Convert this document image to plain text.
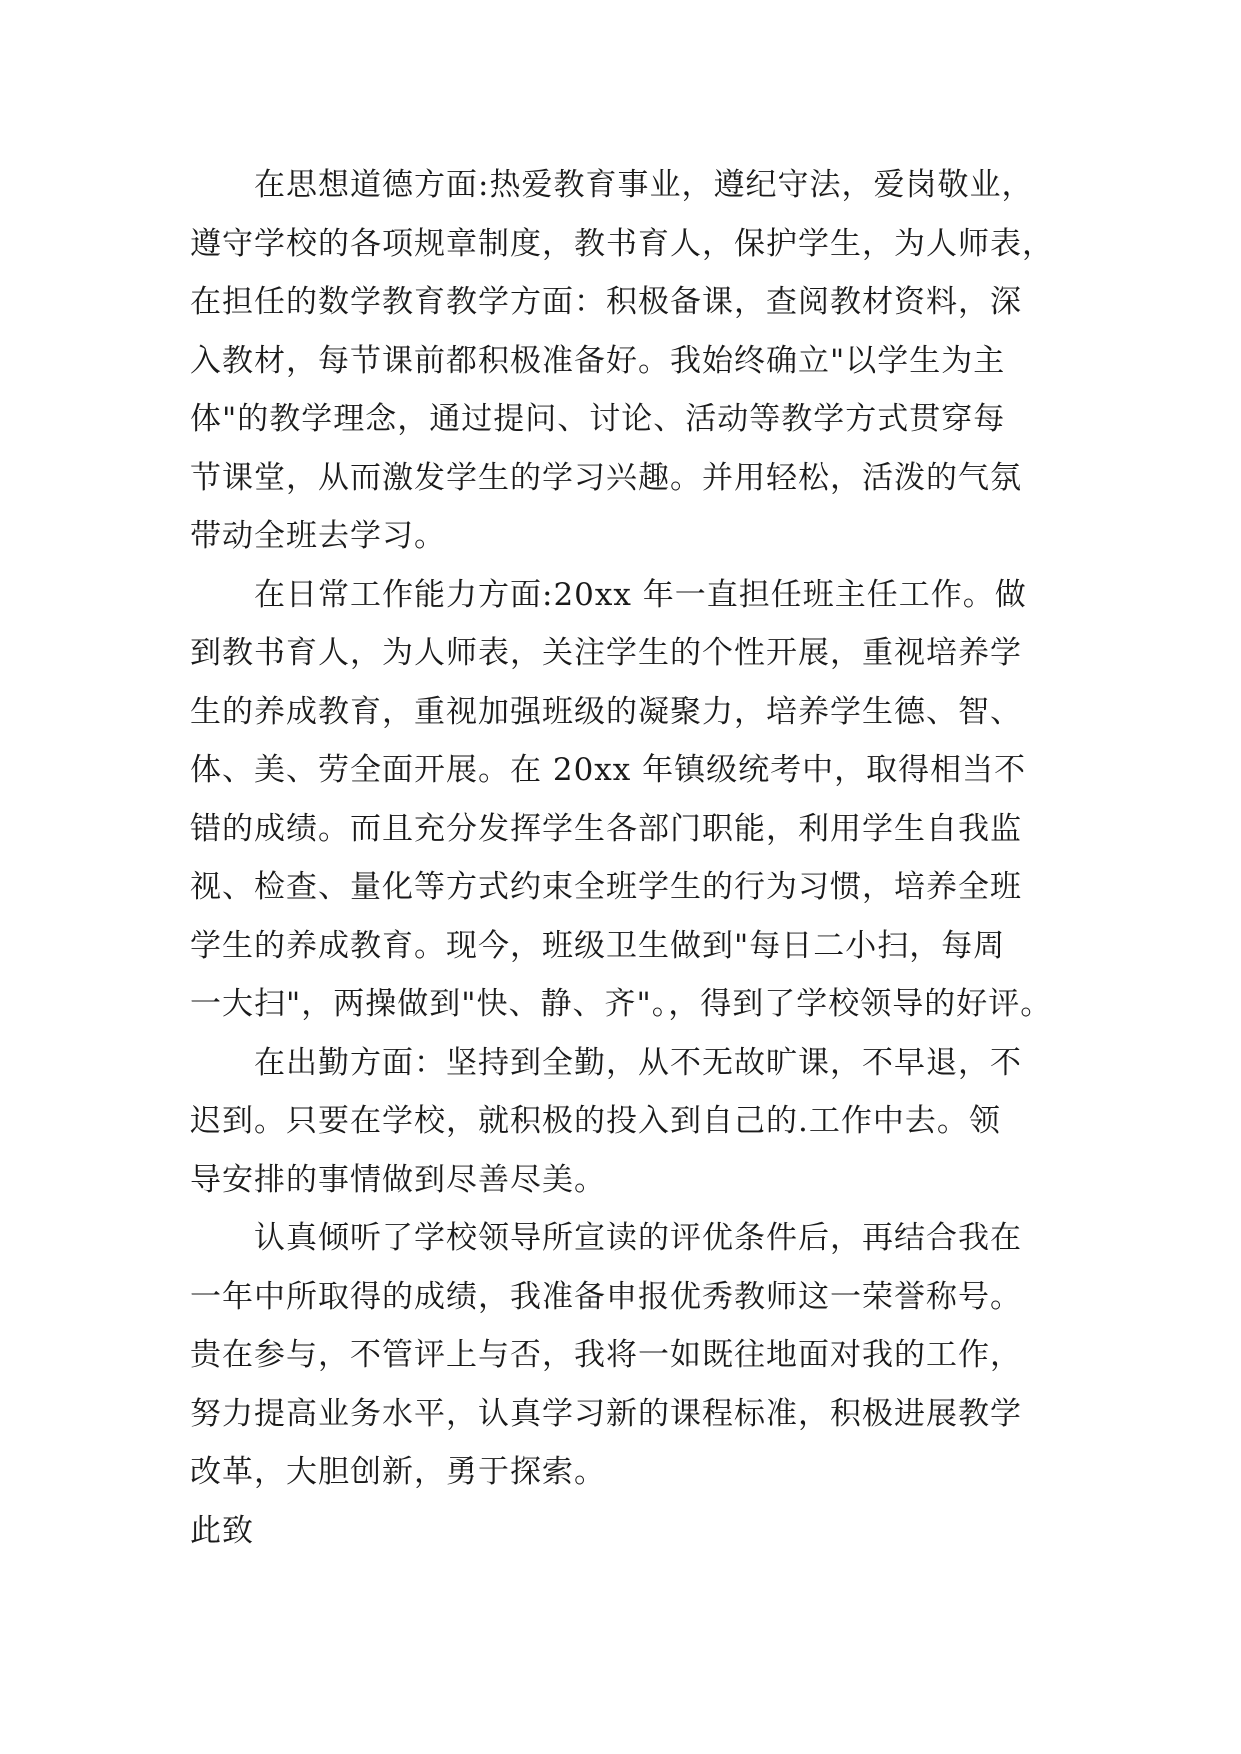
在思想道德方面:热爱教育事业，遵纪守法，爱岗敬业，
遵守学校的各项规章制度，教书育人，保护学生，为人师表，
在担任的数学教育教学方面：积极备课，查阅教材资料，深
入教材，每节课前都积极准备好。我始终确立"以学生为主
体"的教学理念，通过提问、讨论、活动等教学方式贯穿每
节课堂，从而激发学生的学习兴趣。并用轻松，活泼的气氛
带动全班去学习。
在日常工作能力方面:20xx 年一直担任班主任工作。做
到教书育人，为人师表，关注学生的个性开展，重视培养学
生的养成教育，重视加强班级的凝聚力，培养学生德、智、
体、美、劳全面开展。在 20xx 年镇级统考中，取得相当不
错的成绩。而且充分发挥学生各部门职能，利用学生自我监
视、检查、量化等方式约束全班学生的行为习惯，培养全班
学生的养成教育。现今，班级卫生做到"每日二小扫，每周
一大扫"，两操做到"快、静、齐"。，得到了学校领导的好评。
在出勤方面：坚持到全勤，从不无故旷课，不早退，不
迟到。只要在学校，就积极的投入到自己的.工作中去。领
导安排的事情做到尽善尽美。
认真倾听了学校领导所宣读的评优条件后，再结合我在
一年中所取得的成绩，我准备申报优秀教师这一荣誉称号。
贵在参与，不管评上与否，我将一如既往地面对我的工作，
努力提高业务水平，认真学习新的课程标准，积极进展教学
改革，大胆创新，勇于探索。
此致
